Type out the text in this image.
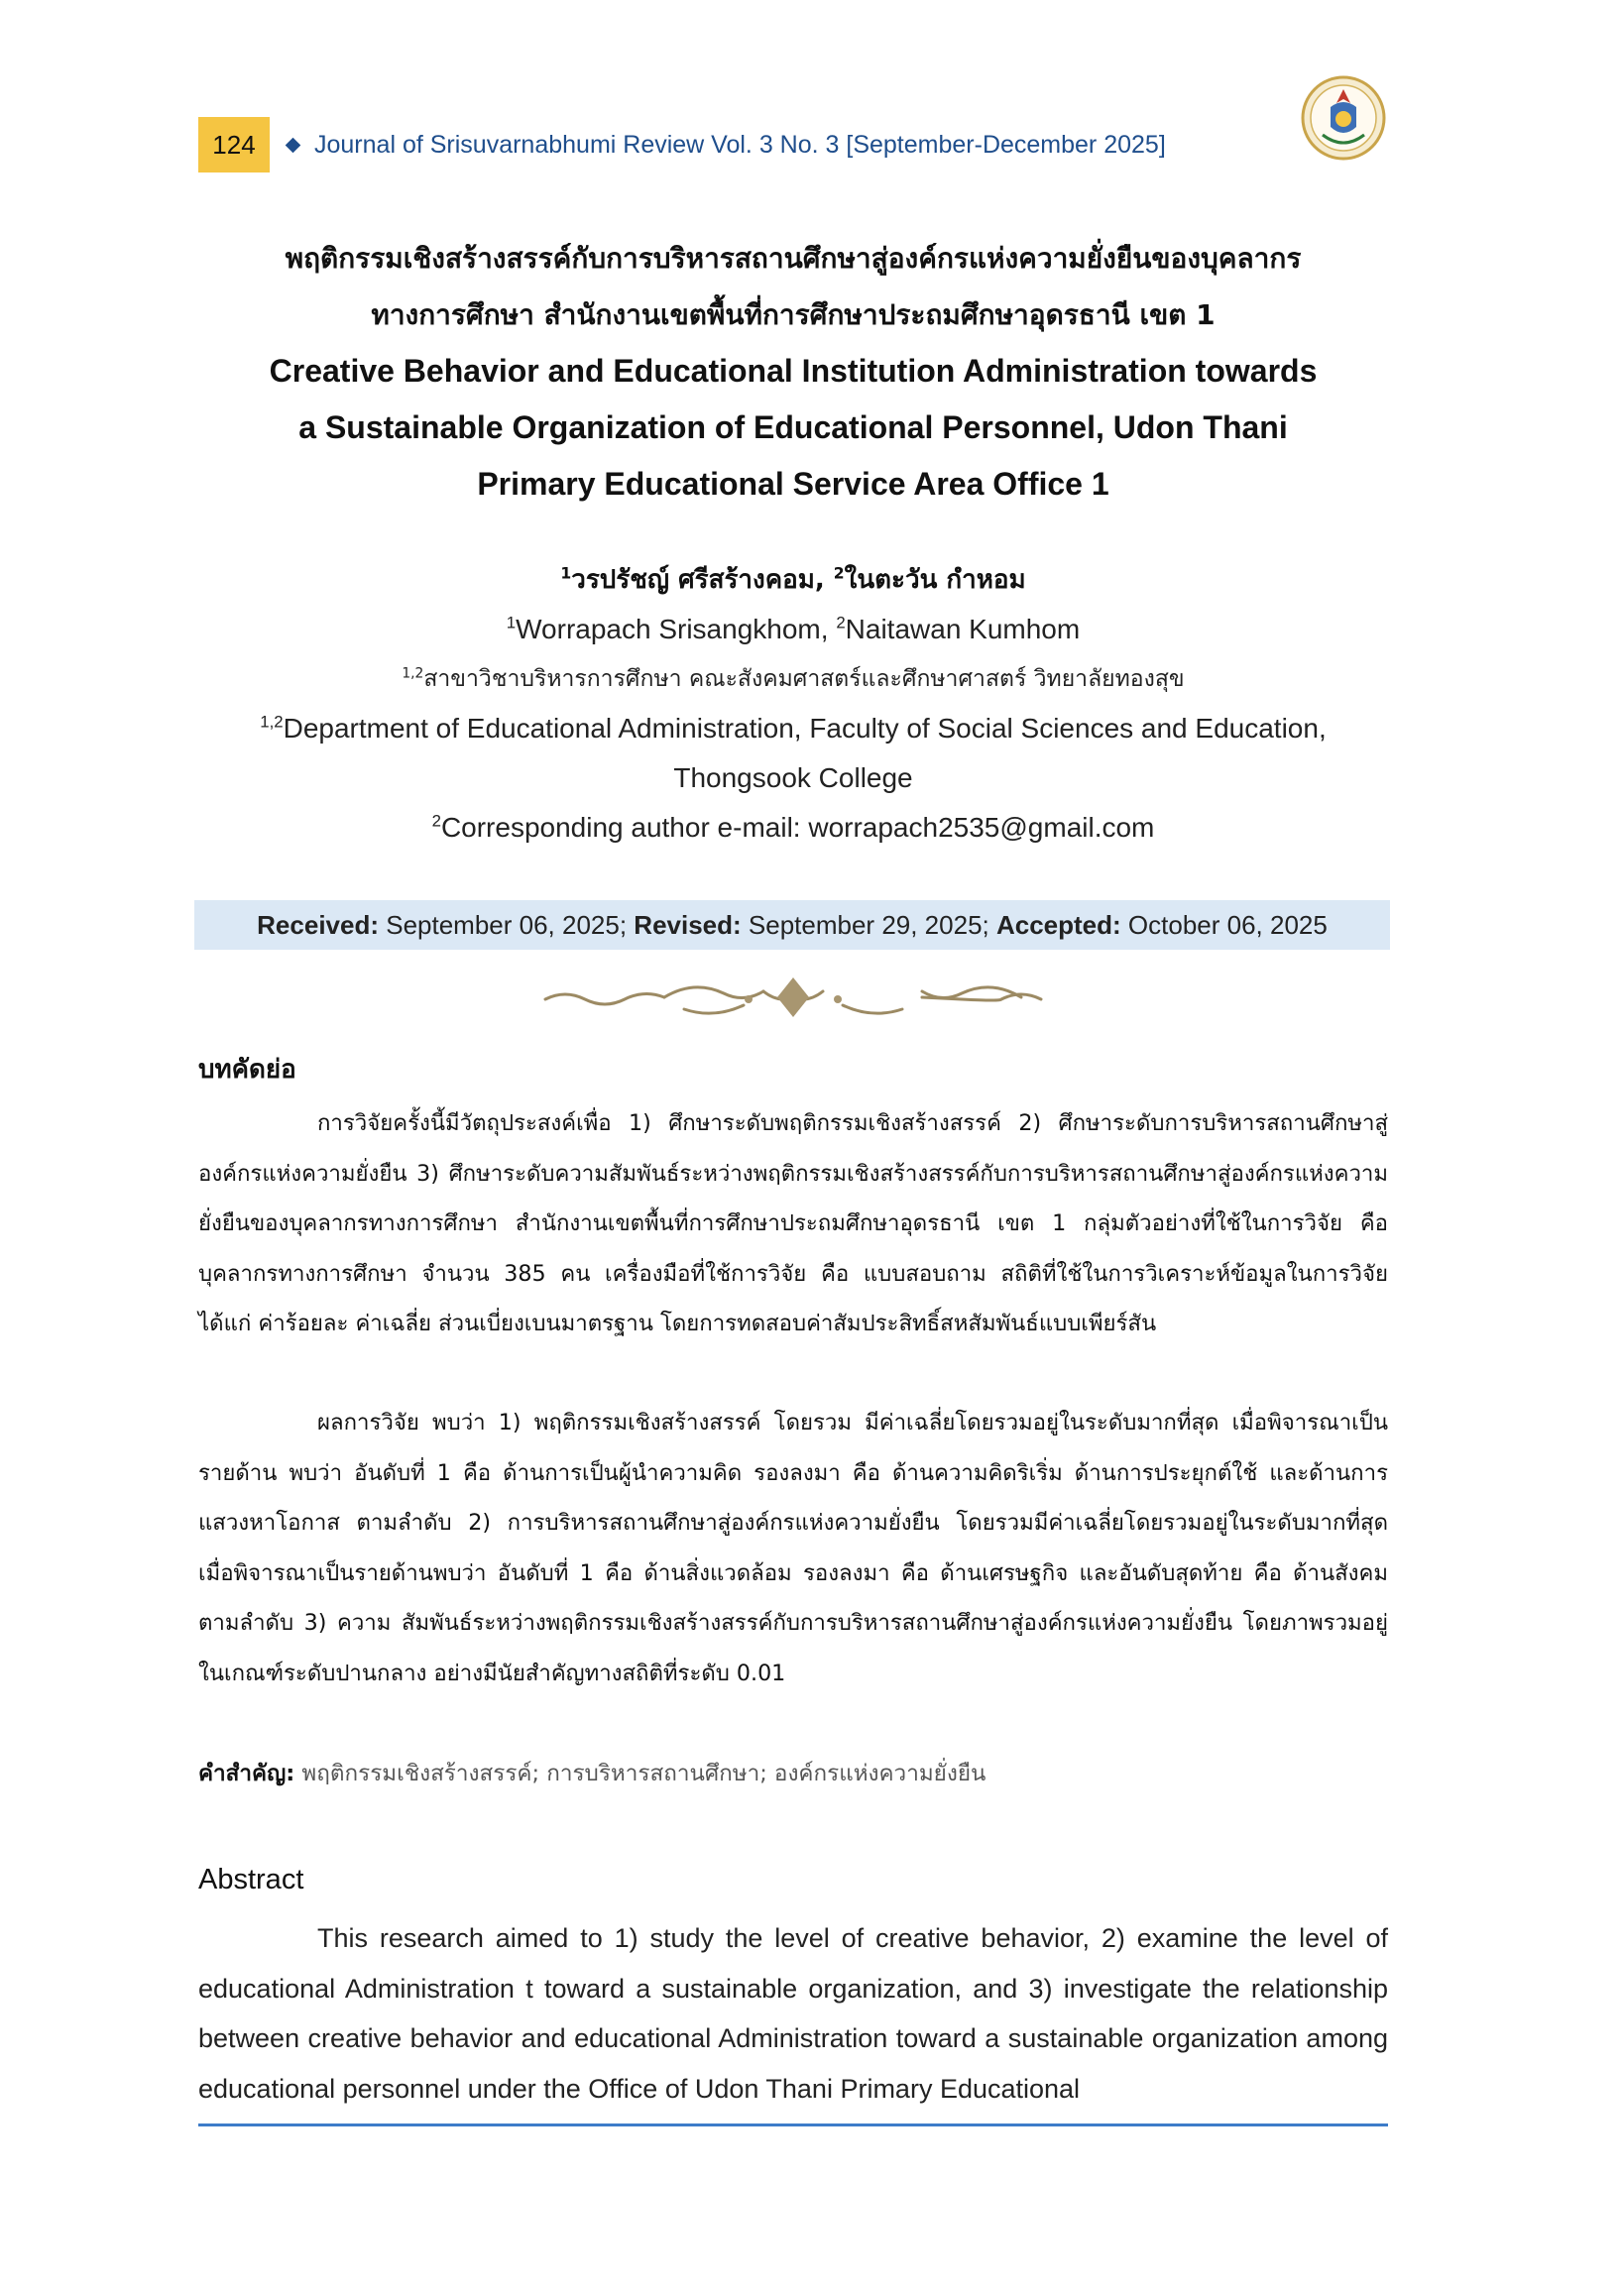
124	Journal of Srisuvarnabhumi Review Vol. 3 No. 3 [September-December 2025]

พฤติกรรมเชิงสร้างสรรค์กับการบริหารสถานศึกษาสู่องค์กรแห่งความยั่งยืนของบุคลากร

ทางการศึกษา สำนักงานเขตพื้นที่การศึกษาประถมศึกษาอุดรธานี เขต 1

Creative Behavior and Educational Institution Administration towards

a Sustainable Organization of Educational Personnel, Udon Thani

Primary Educational Service Area Office 1

$^1$วรปรัชญ์ ศรีสร้างคอม, $^2$ในตะวัน กำหอม

$^1$Worrapach Srisangkhom, $^2$Naitawan Kumhom

$^{1,2}$สาขาวิชาบริหารการศึกษา คณะสังคมศาสตร์และศึกษาศาสตร์ วิทยาลัยทองสุข

$^{1,2}$Department of Educational Administration, Faculty of Social Sciences and Education,

Thongsook College

$^2$Corresponding author e-mail: worrapach2535@gmail.com

Received: September 06, 2025; Revised: September 29, 2025; Accepted: October 06, 2025
บทคัดย่อ

การวิจัยครั้งนี้มีวัตถุประสงค์เพื่อ 1) ศึกษาระดับพฤติกรรมเชิงสร้างสรรค์ 2) ศึกษาระดับการบริหารสถานศึกษาสู่องค์กรแห่งความยั่งยืน 3) ศึกษาระดับความสัมพันธ์ระหว่างพฤติกรรมเชิงสร้างสรรค์กับการบริหารสถานศึกษาสู่องค์กรแห่งความยั่งยืนของบุคลากรทางการศึกษา สำนักงานเขตพื้นที่การศึกษาประถมศึกษาอุดรธานี เขต 1 กลุ่มตัวอย่างที่ใช้ในการวิจัย คือ บุคลากรทางการศึกษา จำนวน 385 คน เครื่องมือที่ใช้การวิจัย คือ แบบสอบถาม สถิติที่ใช้ในการวิเคราะห์ข้อมูลในการวิจัย ได้แก่ ค่าร้อยละ ค่าเฉลี่ย ส่วนเบี่ยงเบนมาตรฐาน โดยการทดสอบค่าสัมประสิทธิ์สหสัมพันธ์แบบเพียร์สัน

ผลการวิจัย พบว่า 1) พฤติกรรมเชิงสร้างสรรค์ โดยรวม มีค่าเฉลี่ยโดยรวมอยู่ในระดับมากที่สุด เมื่อพิจารณาเป็นรายด้าน พบว่า อันดับที่ 1 คือ ด้านการเป็นผู้นำความคิด รองลงมา คือ ด้านความคิดริเริ่ม ด้านการประยุกต์ใช้ และด้านการแสวงหาโอกาส ตามลำดับ 2) การบริหารสถานศึกษาสู่องค์กรแห่งความยั่งยืน โดยรวมมีค่าเฉลี่ยโดยรวมอยู่ในระดับมากที่สุด เมื่อพิจารณาเป็นรายด้านพบว่า อันดับที่ 1 คือ ด้านสิ่งแวดล้อม รองลงมา คือ ด้านเศรษฐกิจ และอันดับสุดท้าย คือ ด้านสังคม ตามลำดับ 3) ความ สัมพันธ์ระหว่างพฤติกรรมเชิงสร้างสรรค์กับการบริหารสถานศึกษาสู่องค์กรแห่งความยั่งยืน โดยภาพรวมอยู่ในเกณฑ์ระดับปานกลาง อย่างมีนัยสำคัญทางสถิติที่ระดับ 0.01

คำสำคัญ: พฤติกรรมเชิงสร้างสรรค์; การบริหารสถานศึกษา; องค์กรแห่งความยั่งยืน
Abstract

This research aimed to 1) study the level of creative behavior, 2) examine the level of educational Administration t toward a sustainable organization, and 3) investigate the relationship between creative behavior and educational Administration toward a sustainable organization among educational personnel under the Office of Udon Thani Primary Educational
